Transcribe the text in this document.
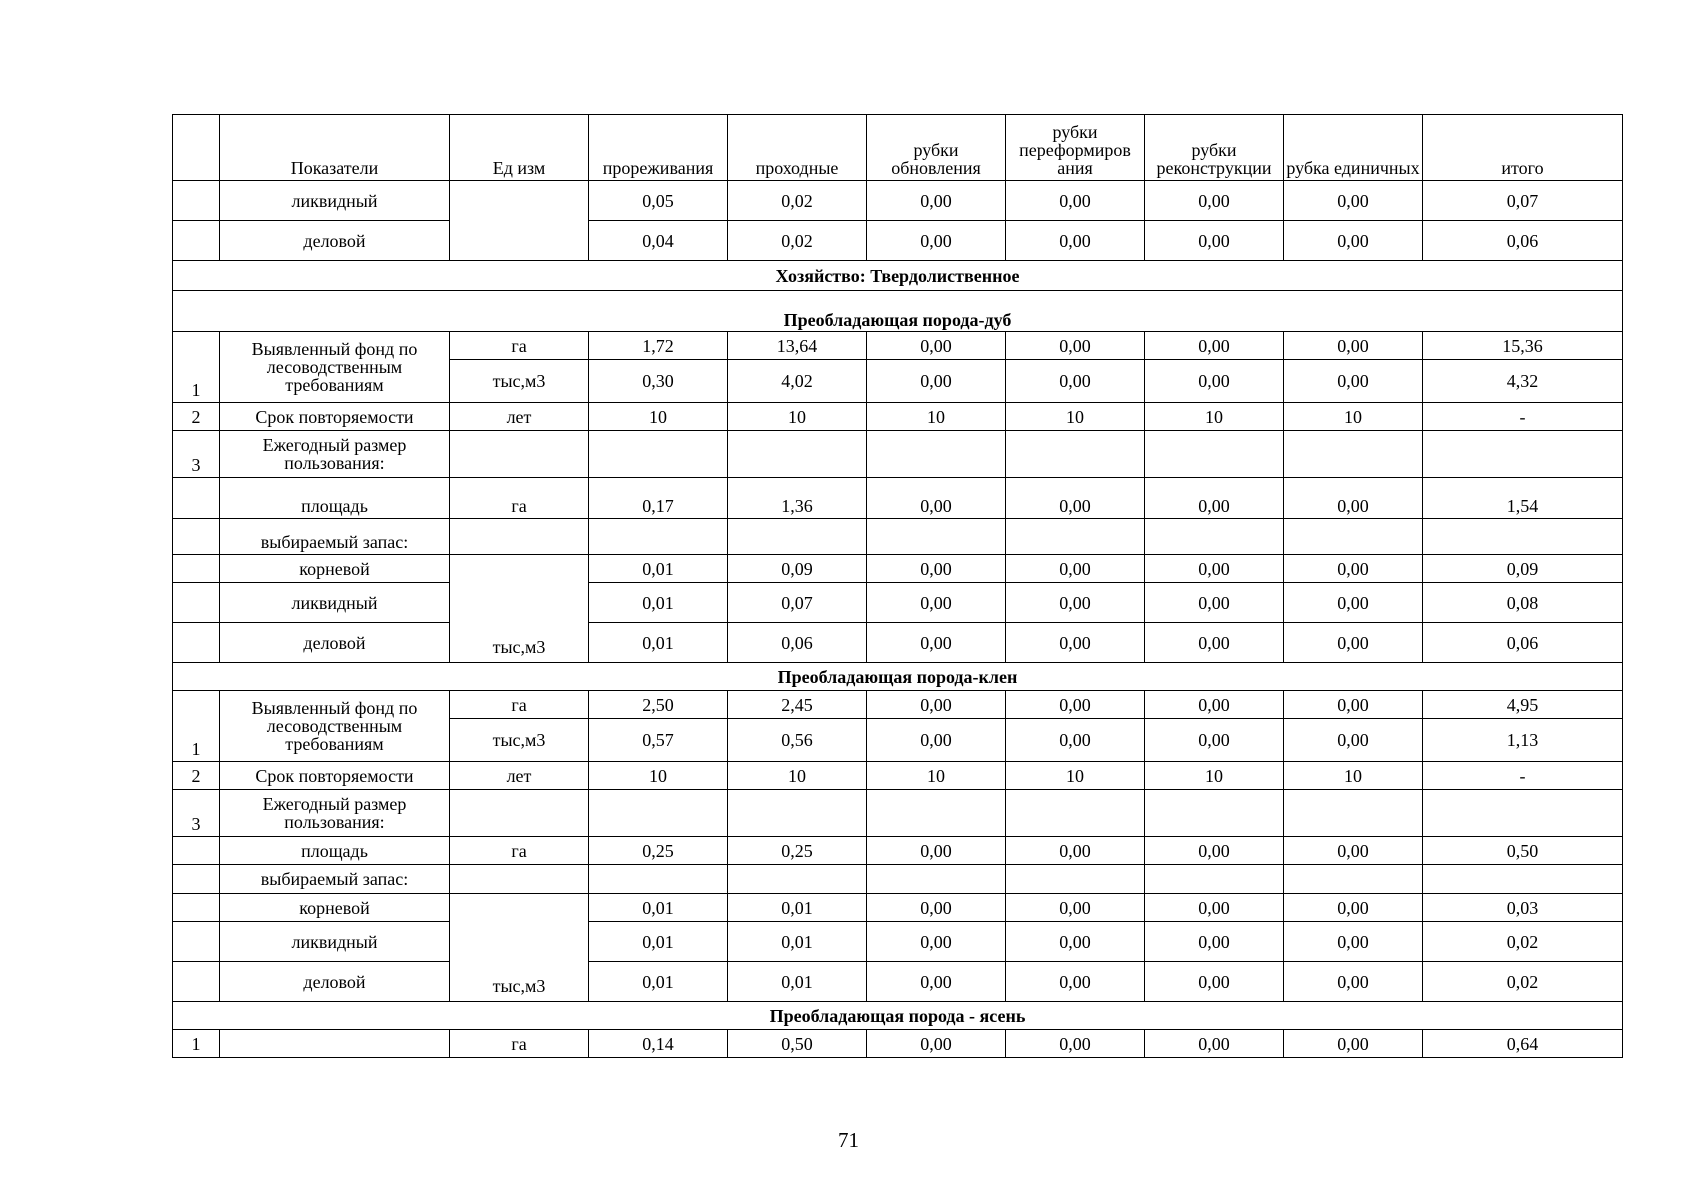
	Показатели	Ед изм	прореживания	проходные	рубки обновления	рубки переформиров ания	рубки реконструкции	рубка единичных	итого
	ликвидный		0,05	0,02	0,00	0,00	0,00	0,00	0,07
	деловой		0,04	0,02	0,00	0,00	0,00	0,00	0,06
Хозяйство: Твердолиственное									
Преобладающая порода-дуб									
1	Выявленный фонд по лесоводственным требованиям	га	1,72	13,64	0,00	0,00	0,00	0,00	15,36
		тыс,м3	0,30	4,02	0,00	0,00	0,00	0,00	4,32
2	Срок повторяемости	лет	10	10	10	10	10	10	-
3	Ежегодный размер пользования:								
	площадь	га	0,17	1,36	0,00	0,00	0,00	0,00	1,54
	выбираемый запас:								
	корневой	тыс,м3	0,01	0,09	0,00	0,00	0,00	0,00	0,09
	ликвидный		0,01	0,07	0,00	0,00	0,00	0,00	0,08
	деловой		0,01	0,06	0,00	0,00	0,00	0,00	0,06
Преобладающая порода-клен									
1	Выявленный фонд по лесоводственным требованиям	га	2,50	2,45	0,00	0,00	0,00	0,00	4,95
		тыс,м3	0,57	0,56	0,00	0,00	0,00	0,00	1,13
2	Срок повторяемости	лет	10	10	10	10	10	10	-
3	Ежегодный размер пользования:								
	площадь	га	0,25	0,25	0,00	0,00	0,00	0,00	0,50
	выбираемый запас:								
	корневой	тыс,м3	0,01	0,01	0,00	0,00	0,00	0,00	0,03
	ликвидный		0,01	0,01	0,00	0,00	0,00	0,00	0,02
	деловой		0,01	0,01	0,00	0,00	0,00	0,00	0,02
Преобладающая порода - ясень									
1		га	0,14	0,50	0,00	0,00	0,00	0,00	0,64
71
